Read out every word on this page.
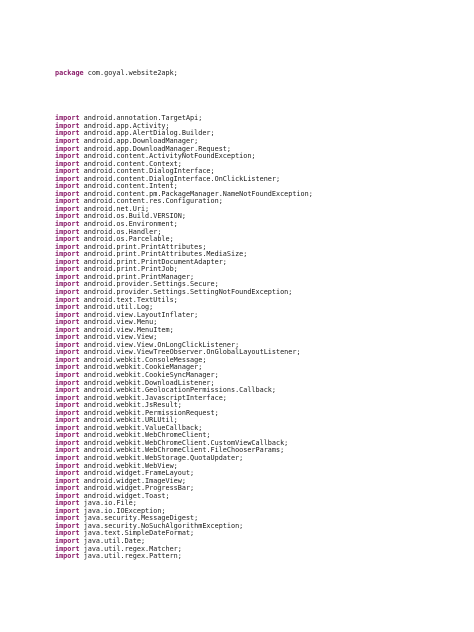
package com.goyal.website2apk;

import android.annotation.TargetApi;
import android.app.Activity;
import android.app.AlertDialog.Builder;
import android.app.DownloadManager;
import android.app.DownloadManager.Request;
import android.content.ActivityNotFoundException;
import android.content.Context;
import android.content.DialogInterface;
import android.content.DialogInterface.OnClickListener;
import android.content.Intent;
import android.content.pm.PackageManager.NameNotFoundException;
import android.content.res.Configuration;
import android.net.Uri;
import android.os.Build.VERSION;
import android.os.Environment;
import android.os.Handler;
import android.os.Parcelable;
import android.print.PrintAttributes;
import android.print.PrintAttributes.MediaSize;
import android.print.PrintDocumentAdapter;
import android.print.PrintJob;
import android.print.PrintManager;
import android.provider.Settings.Secure;
import android.provider.Settings.SettingNotFoundException;
import android.text.TextUtils;
import android.util.Log;
import android.view.LayoutInflater;
import android.view.Menu;
import android.view.MenuItem;
import android.view.View;
import android.view.View.OnLongClickListener;
import android.view.ViewTreeObserver.OnGlobalLayoutListener;
import android.webkit.ConsoleMessage;
import android.webkit.CookieManager;
import android.webkit.CookieSyncManager;
import android.webkit.DownloadListener;
import android.webkit.GeolocationPermissions.Callback;
import android.webkit.JavascriptInterface;
import android.webkit.JsResult;
import android.webkit.PermissionRequest;
import android.webkit.URLUtil;
import android.webkit.ValueCallback;
import android.webkit.WebChromeClient;
import android.webkit.WebChromeClient.CustomViewCallback;
import android.webkit.WebChromeClient.FileChooserParams;
import android.webkit.WebStorage.QuotaUpdater;
import android.webkit.WebView;
import android.widget.FrameLayout;
import android.widget.ImageView;
import android.widget.ProgressBar;
import android.widget.Toast;
import java.io.File;
import java.io.IOException;
import java.security.MessageDigest;
import java.security.NoSuchAlgorithmException;
import java.text.SimpleDateFormat;
import java.util.Date;
import java.util.regex.Matcher;
import java.util.regex.Pattern;
